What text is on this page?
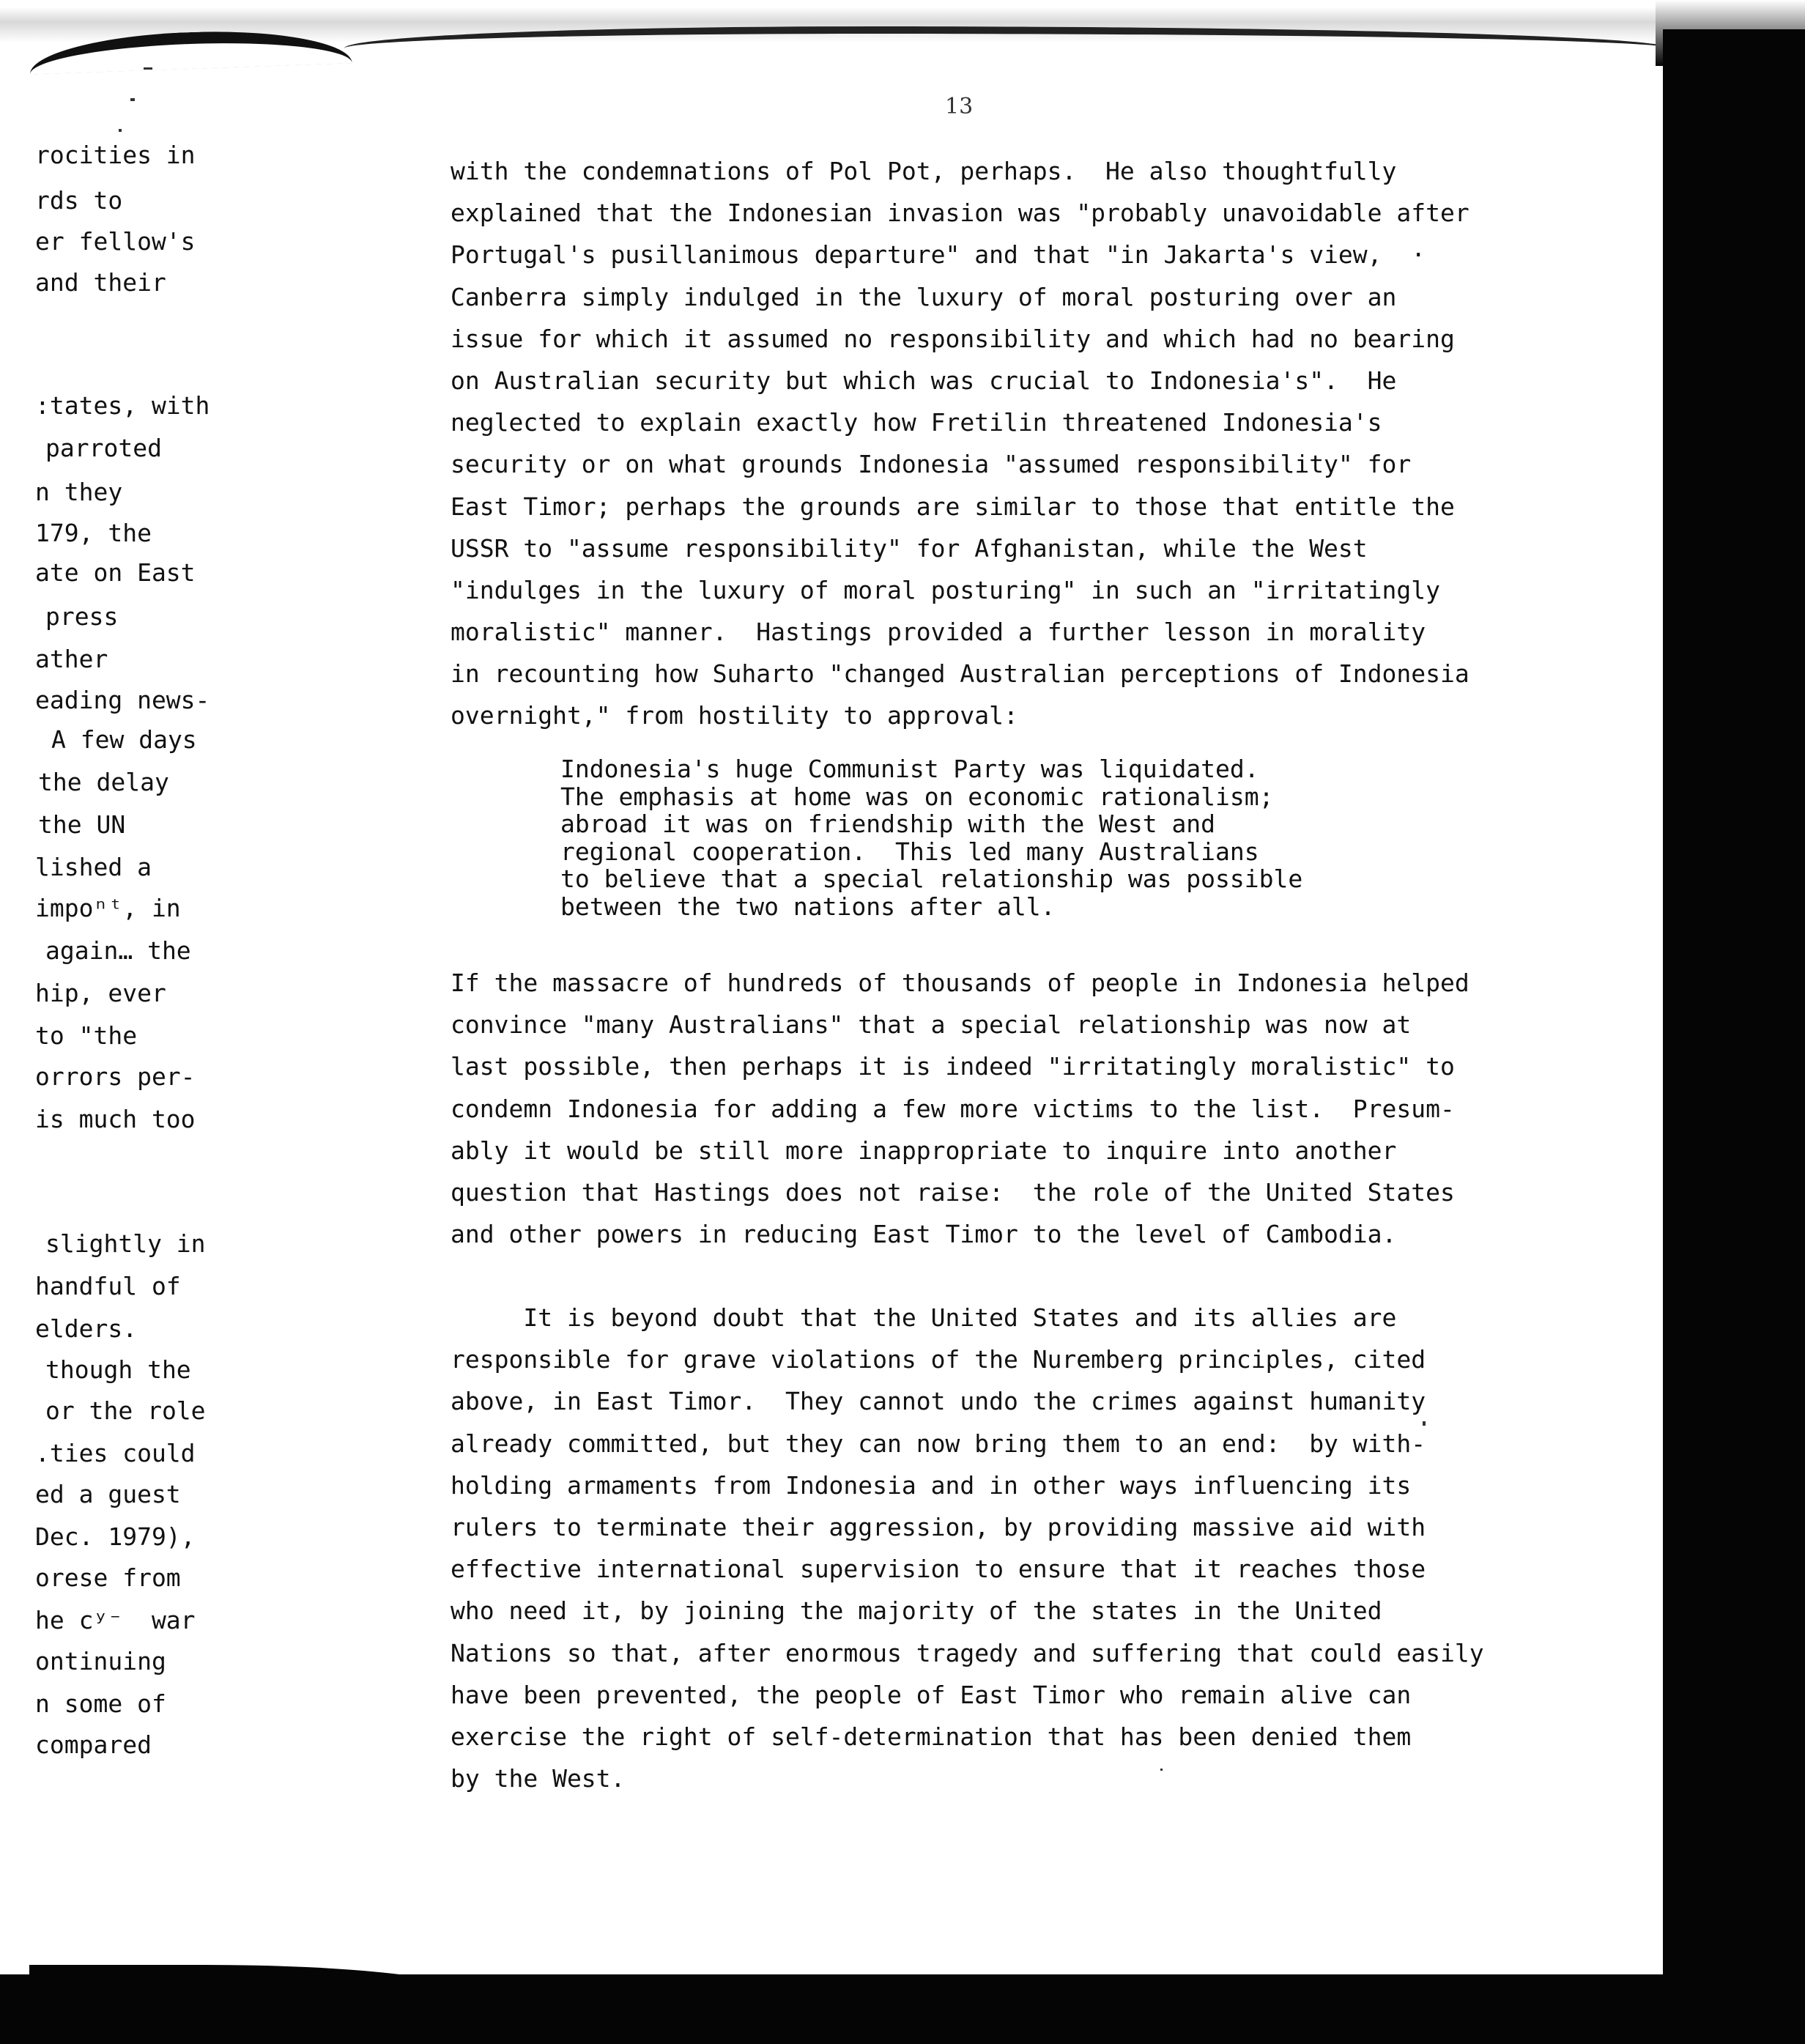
13
rocities in
rds to
er fellow's
and their
:tates, with
parroted
n they
179, the
ate on East
press
ather
eading news-
A few days
the delay
the UN
lished a
impoⁿᵗ, in
again… the
hip, ever
to "the
orrors per-
is much too
slightly in
handful of
elders.
though the
or the role
.ties could
ed a guest
Dec. 1979),
orese from
he cʸ⁻  war
ontinuing
n some of
compared
with the condemnations of Pol Pot, perhaps.  He also thoughtfully
explained that the Indonesian invasion was "probably unavoidable after
Portugal's pusillanimous departure" and that "in Jakarta's view,  ·
Canberra simply indulged in the luxury of moral posturing over an
issue for which it assumed no responsibility and which had no bearing
on Australian security but which was crucial to Indonesia's".  He
neglected to explain exactly how Fretilin threatened Indonesia's
security or on what grounds Indonesia "assumed responsibility" for
East Timor; perhaps the grounds are similar to those that entitle the
USSR to "assume responsibility" for Afghanistan, while the West
"indulges in the luxury of moral posturing" in such an "irritatingly
moralistic" manner.  Hastings provided a further lesson in morality
in recounting how Suharto "changed Australian perceptions of Indonesia
overnight," from hostility to approval:
Indonesia's huge Communist Party was liquidated.
The emphasis at home was on economic rationalism;
abroad it was on friendship with the West and
regional cooperation.  This led many Australians
to believe that a special relationship was possible
between the two nations after all.
If the massacre of hundreds of thousands of people in Indonesia helped
convince "many Australians" that a special relationship was now at
last possible, then perhaps it is indeed "irritatingly moralistic" to
condemn Indonesia for adding a few more victims to the list.  Presum-
ably it would be still more inappropriate to inquire into another
question that Hastings does not raise:  the role of the United States
and other powers in reducing East Timor to the level of Cambodia.
It is beyond doubt that the United States and its allies are
responsible for grave violations of the Nuremberg principles, cited
above, in East Timor.  They cannot undo the crimes against humanity
already committed, but they can now bring them to an end:  by with-
holding armaments from Indonesia and in other ways influencing its
rulers to terminate their aggression, by providing massive aid with
effective international supervision to ensure that it reaches those
who need it, by joining the majority of the states in the United
Nations so that, after enormous tragedy and suffering that could easily
have been prevented, the people of East Timor who remain alive can
exercise the right of self-determination that has been denied them
by the West.
